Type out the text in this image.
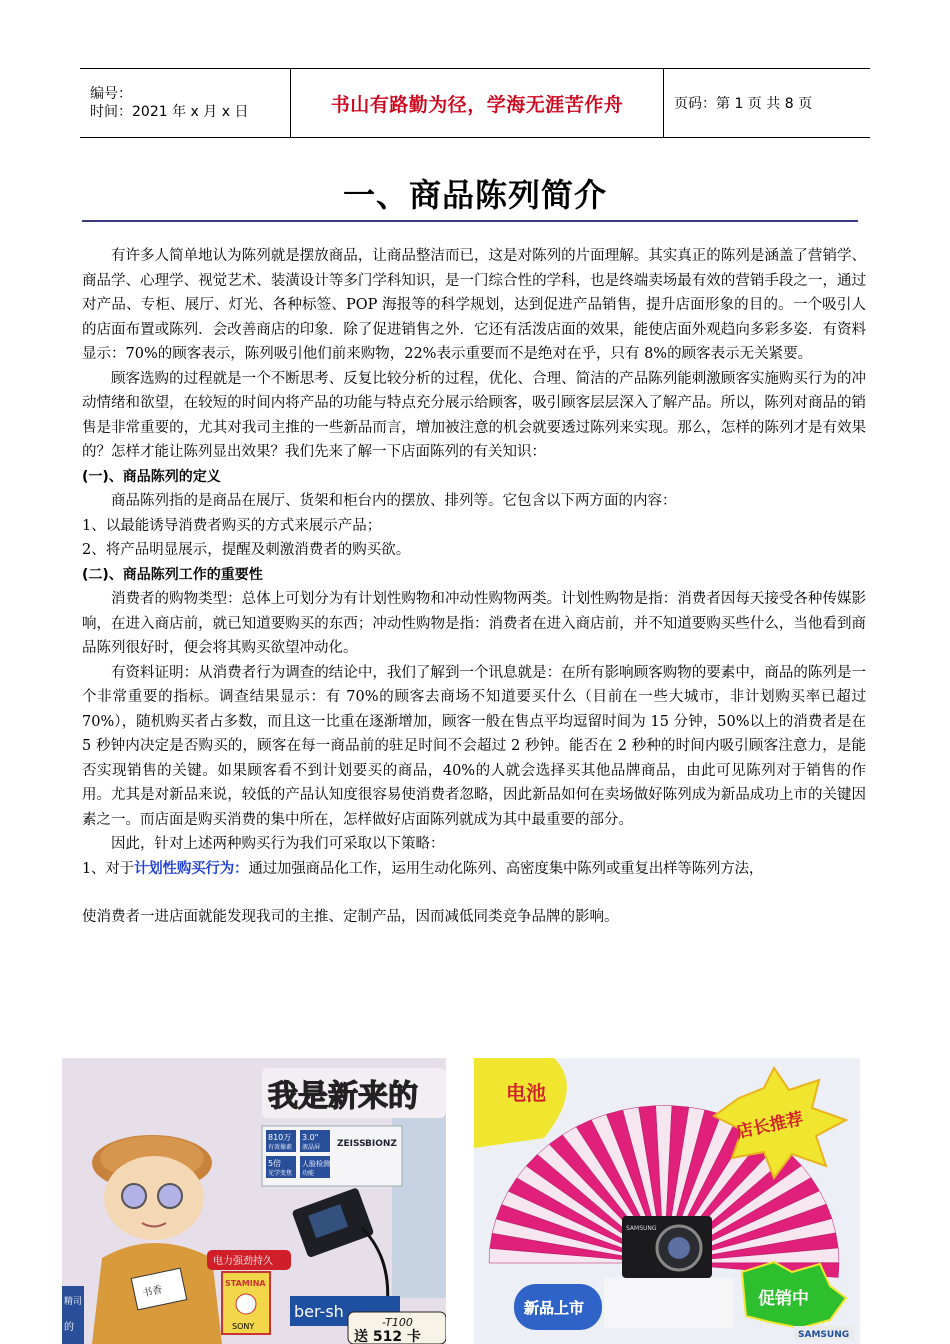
编号：
时间：2021 年 x 月 x 日	书山有路勤为径，学海无涯苦作舟	页码：第 1 页 共 8 页
一、商品陈列简介

有许多人简单地认为陈列就是摆放商品，让商品整洁而已，这是对陈列的片面理解。其实真正的陈列是涵盖了营销学、商品学、心理学、视觉艺术、装潢设计等多门学科知识，是一门综合性的学科，也是终端卖场最有效的营销手段之一，通过对产品、专柜、展厅、灯光、各种标签、POP 海报等的科学规划，达到促进产品销售，提升店面形象的目的。一个吸引人的店面布置或陈列．会改善商店的印象．除了促进销售之外．它还有活泼店面的效果，能使店面外观趋向多彩多姿．有资料显示：70%的顾客表示，陈列吸引他们前来购物，22%表示重要而不是绝对在乎，只有 8%的顾客表示无关紧要。

顾客选购的过程就是一个不断思考、反复比较分析的过程，优化、合理、简洁的产品陈列能刺激顾客实施购买行为的冲动情绪和欲望，在较短的时间内将产品的功能与特点充分展示给顾客，吸引顾客层层深入了解产品。所以，陈列对商品的销售是非常重要的，尤其对我司主推的一些新品而言，增加被注意的机会就要透过陈列来实现。那么，怎样的陈列才是有效果的？怎样才能让陈列显出效果？我们先来了解一下店面陈列的有关知识：

(一)、商品陈列的定义

商品陈列指的是商品在展厅、货架和柜台内的摆放、排列等。它包含以下两方面的内容：

1、以最能诱导消费者购买的方式来展示产品；

2、将产品明显展示，提醒及刺激消费者的购买欲。

(二)、商品陈列工作的重要性

消费者的购物类型：总体上可划分为有计划性购物和冲动性购物两类。计划性购物是指：消费者因每天接受各种传媒影响，在进入商店前，就已知道要购买的东西；冲动性购物是指：消费者在进入商店前，并不知道要购买些什么，当他看到商品陈列很好时，便会将其购买欲望冲动化。

有资料证明：从消费者行为调查的结论中，我们了解到一个讯息就是：在所有影响顾客购物的要素中，商品的陈列是一个非常重要的指标。调查结果显示：有 70%的顾客去商场不知道要买什么（目前在一些大城市，非计划购买率已超过 70%），随机购买者占多数，而且这一比重在逐渐增加，顾客一般在售点平均逗留时间为 15 分钟，50%以上的消费者是在 5 秒钟内决定是否购买的，顾客在每一商品前的驻足时间不会超过 2 秒钟。能否在 2 秒种的时间内吸引顾客注意力，是能否实现销售的关键。如果顾客看不到计划要买的商品，40%的人就会选择买其他品牌商品，由此可见陈列对于销售的作用。尤其是对新品来说，较低的产品认知度很容易使消费者忽略，因此新品如何在卖场做好陈列成为新品成功上市的关键因素之一。而店面是购买消费的集中所在，怎样做好店面陈列就成为其中最重要的部分。

因此，针对上述两种购买行为我们可采取以下策略：

1、对于计划性购买行为：通过加强商品化工作，运用生动化陈列、高密度集中陈列或重复出样等陈列方法，

使消费者一进店面就能发现我司的主推、定制产品，因而减低同类竞争品牌的影响。

810万
有效像素
3.0"
液晶屏
5倍
光学变焦
人脸检测
功能
ZEISS BIONZ
我是新来的
书香
电力强劲持久
STAMINA
SONY
ber-sh
-T100
送 512 卡
精司
的
电池
店长推荐
SAMSUNG
新品上市	促销中
SAMSUNG
